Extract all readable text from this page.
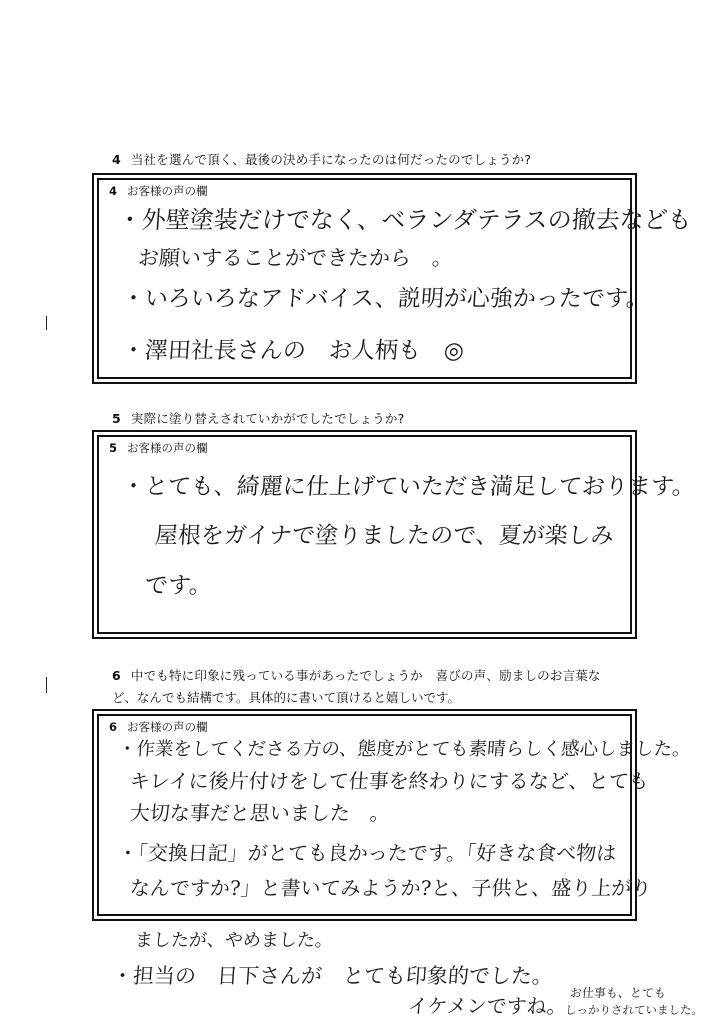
4 当社を選んで頂く、最後の決め手になったのは何だったのでしょうか?
4 お客様の声の欄
・外壁塗装だけでなく、ベランダテラスの撤去なども
お願いすることができたから　。
・いろいろなアドバイス、説明が心強かったです。
・澤田社長さんの　お人柄も　◎
5 実際に塗り替えされていかがでしたでしょうか?
5 お客様の声の欄
・とても、綺麗に仕上げていただき満足しております。
屋根をガイナで塗りましたので、夏が楽しみ
です。
6 中でも特に印象に残っている事があったでしょうか　喜びの声、励ましのお言葉な
ど、なんでも結構です。具体的に書いて頂けると嬉しいです。
6 お客様の声の欄
・作業をしてくださる方の、態度がとても素晴らしく感心しました。
キレイに後片付けをして仕事を終わりにするなど、とても
大切な事だと思いました　。
・「交換日記」がとても良かったです。「好きな食べ物は
なんですか?」と書いてみようか?と、子供と、盛り上がり
ましたが、やめました。
・担当の　日下さんが　とても印象的でした。
イケメンですね。
お仕事も、とても
しっかりされていました。
